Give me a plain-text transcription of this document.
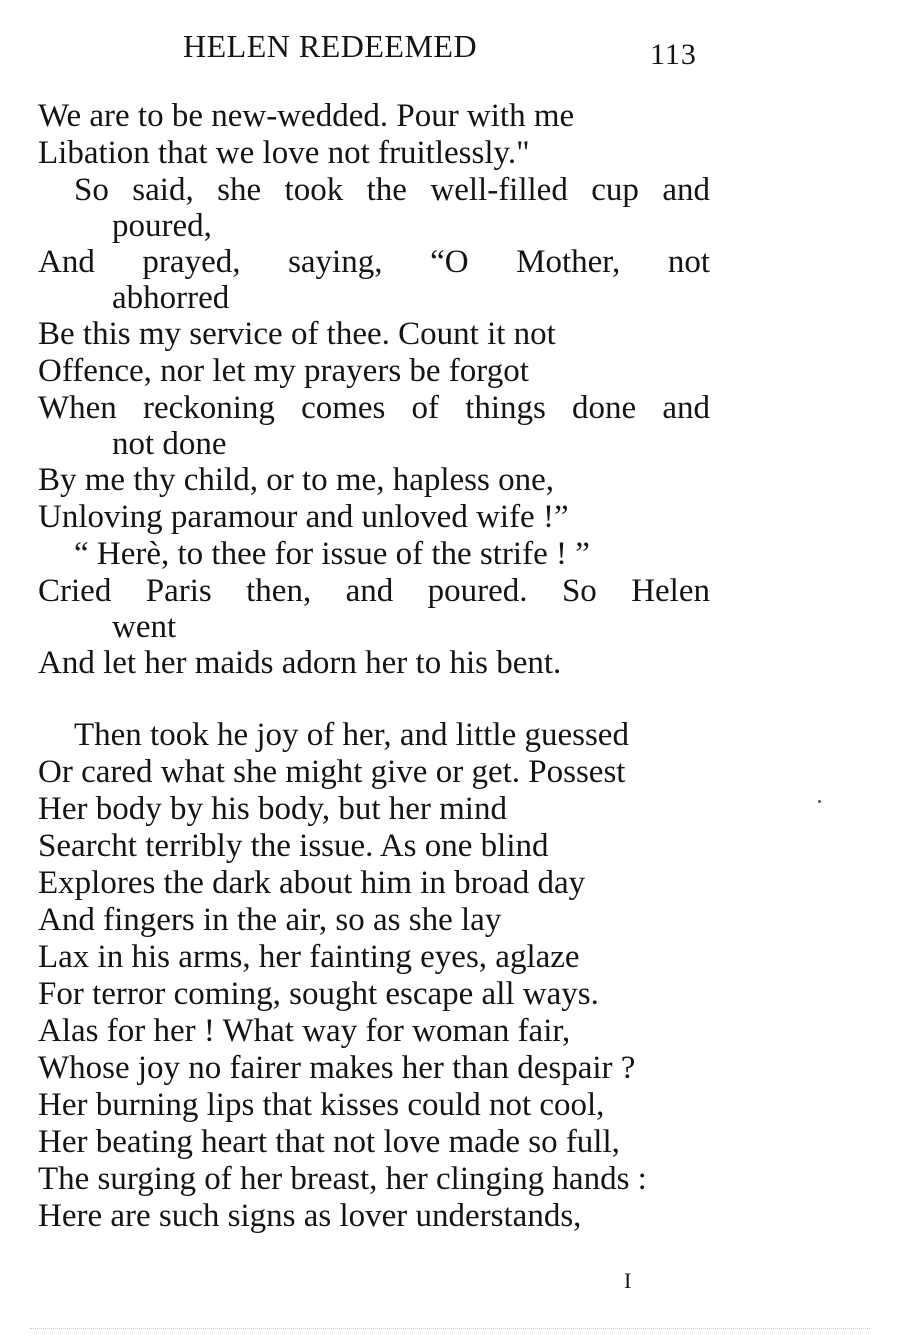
HELEN REDEEMED	113
We are to be new-wedded. Pour with me
Libation that we love not fruitlessly."
So said, she took the well-filled cup and
poured,
And prayed, saying, “O Mother, not
abhorred
Be this my service of thee. Count it not
Offence, nor let my prayers be forgot
When reckoning comes of things done and
not done
By me thy child, or to me, hapless one,
Unloving paramour and unloved wife !”
“ Herè, to thee for issue of the strife ! ”
Cried Paris then, and poured. So Helen
went
And let her maids adorn her to his bent.
Then took he joy of her, and little guessed
Or cared what she might give or get. Possest
Her body by his body, but her mind
Searcht terribly the issue. As one blind
Explores the dark about him in broad day
And fingers in the air, so as she lay
Lax in his arms, her fainting eyes, aglaze
For terror coming, sought escape all ways.
Alas for her ! What way for woman fair,
Whose joy no fairer makes her than despair ?
Her burning lips that kisses could not cool,
Her beating heart that not love made so full,
The surging of her breast, her clinging hands :
Here are such signs as lover understands,
I
